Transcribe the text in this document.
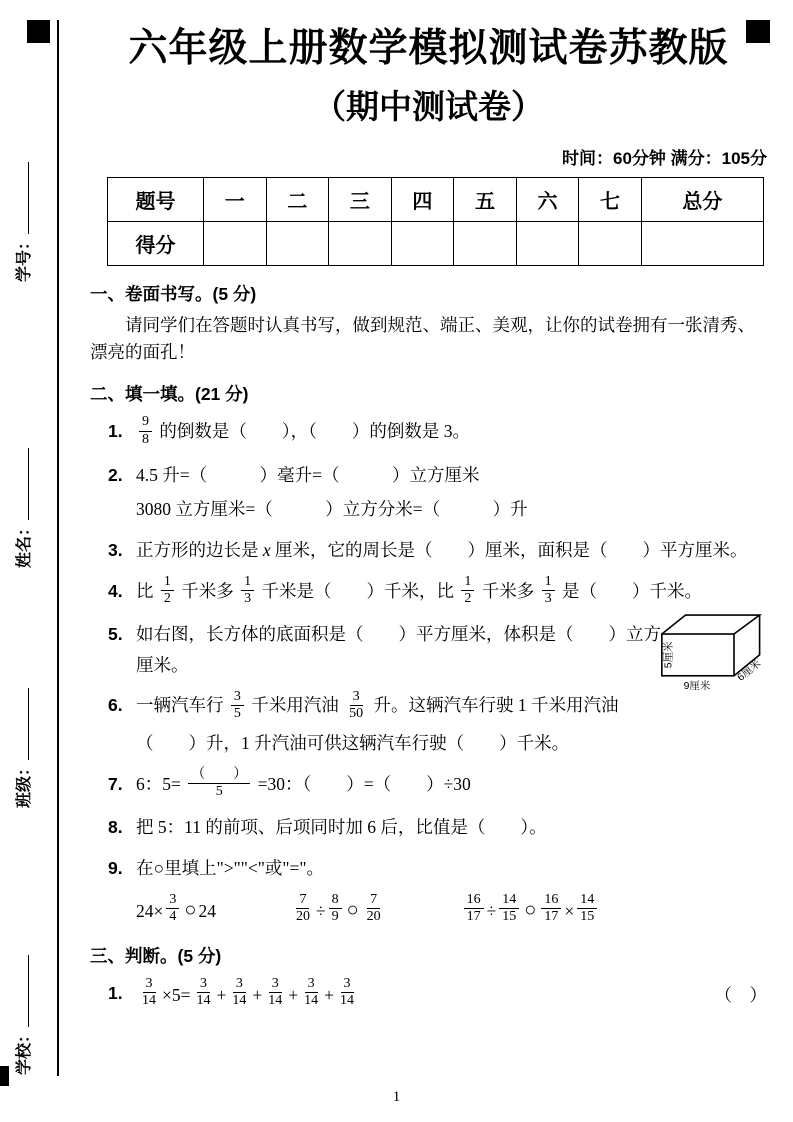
学号：
姓名：
班级：
学校：
六年级上册数学模拟测试卷苏教版
（期中测试卷）
时间：60分钟 满分：105分
题号	一	二	三	四	五	六	七	总分
得分								
一、卷面书写。(5 分)
请同学们在答题时认真书写，做到规范、端正、美观，让你的试卷拥有一张清秀、漂亮的面孔！
二、填一填。(21 分)
1. $\frac{9}{8}$ 的倒数是（　　），（　　）的倒数是 3。
2. 4.5 升=（　　　）毫升=（　　　）立方厘米
3080 立方厘米=（　　　）立方分米=（　　　）升
3. 正方形的边长是 x 厘米，它的周长是（　　）厘米，面积是（　　）平方厘米。
4. 比 $\frac{1}{2}$ 千米多 $\frac{1}{3}$ 千米是（　　）千米，比 $\frac{1}{2}$ 千米多 $\frac{1}{3}$ 是（　　）千米。
5. 如右图，长方体的底面积是（　　）平方厘米，体积是（　　）立方
厘米。
9厘米
5厘米
6厘米
6. 一辆汽车行 $\frac{3}{5}$ 千米用汽油 $\frac{3}{50}$ 升。这辆汽车行驶 1 千米用汽油
（　　）升，1 升汽油可供这辆汽车行驶（　　）千米。
7. 6：$5= \frac{( )}{5} =30$：（　　）=（　　）÷30
8. 把 5：11 的前项、后项同时加 6 后，比值是（　　）。
9. 在○里填上">""<"或"="。
$24\times \frac{3}{4}$ ○ 24	$\frac{7}{20} \div \frac{8}{9}$ ○ $\frac{7}{20}$	$\frac{16}{17} \div \frac{14}{15}$ ○ $\frac{16}{17} \times \frac{14}{15}$
三、判断。(5 分)
1. $\frac{3}{14} \times 5= \frac{3}{14} + \frac{3}{14} + \frac{3}{14} + \frac{3}{14} + \frac{3}{14}$	（　）
1
